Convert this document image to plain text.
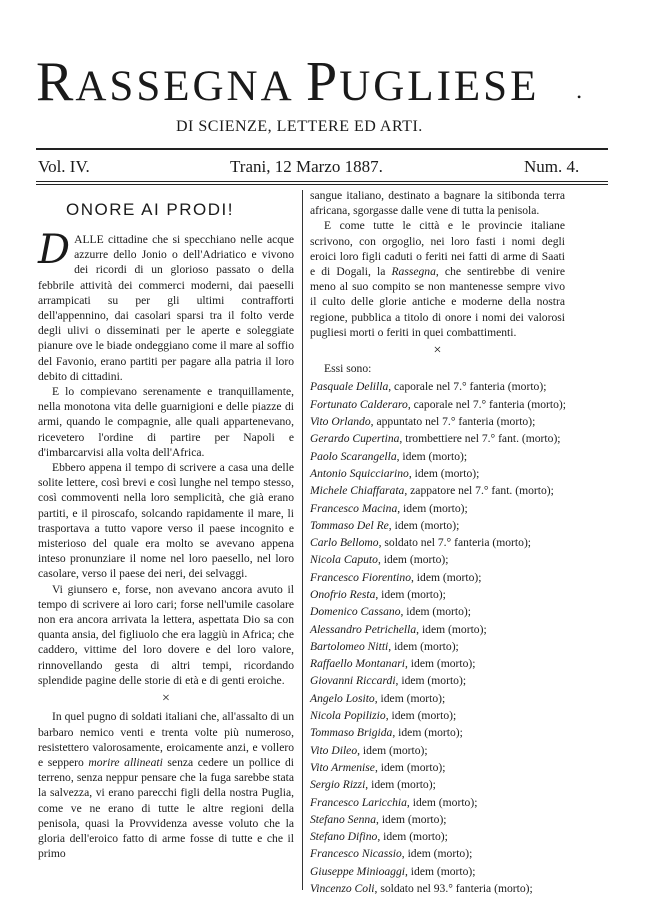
RASSEGNA PUGLIESE	•
DI SCIENZE, LETTERE ED ARTI.
Vol. IV.	Trani, 12 Marzo 1887.	Num. 4.
ONORE AI PRODI!

DALLE cittadine che si specchiano nelle acque azzurre dello Jonio o dell'Adriatico e vivono dei ricordi di un glorioso passato o della febbrile attività dei commerci moderni, dai paeselli arrampicati su per gli ultimi contrafforti dell'appennino, dai casolari sparsi tra il folto verde degli ulivi o disseminati per le aperte e soleggiate pianure ove le biade ondeggiano come il mare al soffio del Favonio, erano partiti per pagare alla patria il loro debito di cittadini.

E lo compievano serenamente e tranquillamente, nella monotona vita delle guarnigioni e delle piazze di armi, quando le compagnie, alle quali appartenevano, ricevetero l'ordine di partire per Napoli e d'imbarcarvisi alla volta dell'Africa.

Ebbero appena il tempo di scrivere a casa una delle solite lettere, così brevi e così lunghe nel tempo stesso, così commoventi nella loro semplicità, che già erano partiti, e il piroscafo, solcando rapidamente il mare, li trasportava a tutto vapore verso il paese incognito e misterioso del quale era molto se avevano appena inteso pronunziare il nome nel loro paesello, nel loro casolare, verso il paese dei neri, dei selvaggi.

Vi giunsero e, forse, non avevano ancora avuto il tempo di scrivere ai loro cari; forse nell'umile casolare non era ancora arrivata la lettera, aspettata Dio sa con quanta ansia, del figliuolo che era laggiù in Africa; che caddero, vittime del loro dovere e del loro valore, rinnovellando gesta di altri tempi, ricordando splendide pagine delle storie di età e di genti eroiche.

×

In quel pugno di soldati italiani che, all'assalto di un barbaro nemico venti e trenta volte più numeroso, resistettero valorosamente, eroicamente anzi, e vollero e seppero morire allineati senza cedere un pollice di terreno, senza neppur pensare che la fuga sarebbe stata la salvezza, vi erano parecchi figli della nostra Puglia, come ve ne erano di tutte le altre regioni della penisola, quasi la Provvidenza avesse voluto che la gloria dell'eroico fatto di arme fosse di tutte e che il primo

sangue italiano, destinato a bagnare la sitibonda terra africana, sgorgasse dalle vene di tutta la penisola.

E come tutte le città e le provincie italiane scrivono, con orgoglio, nei loro fasti i nomi degli eroici loro figli caduti o feriti nei fatti di arme di Saati e di Dogali, la Rassegna, che sentirebbe di venire meno al suo compito se non mantenesse sempre vivo il culto delle glorie antiche e moderne della nostra regione, pubblica a titolo di onore i nomi dei valorosi pugliesi morti o feriti in quei combattimenti.

×

Essi sono:

Pasquale Delilla, caporale nel 7.° fanteria (morto);
Fortunato Calderaro, caporale nel 7.° fanteria (morto);
Vito Orlando, appuntato nel 7.° fanteria (morto);
Gerardo Cupertina, trombettiere nel 7.° fant. (morto);
Paolo Scarangella, idem (morto);
Antonio Squicciarino, idem (morto);
Michele Chiaffarata, zappatore nel 7.° fant. (morto);
Francesco Macina, idem (morto);
Tommaso Del Re, idem (morto);
Carlo Bellomo, soldato nel 7.° fanteria (morto);
Nicola Caputo, idem (morto);
Francesco Fiorentino, idem (morto);
Onofrio Resta, idem (morto);
Domenico Cassano, idem (morto);
Alessandro Petrichella, idem (morto);
Bartolomeo Nitti, idem (morto);
Raffaello Montanari, idem (morto);
Giovanni Riccardi, idem (morto);
Angelo Losito, idem (morto);
Nicola Popilizio, idem (morto);
Tommaso Brigida, idem (morto);
Vito Dileo, idem (morto);
Vito Armenise, idem (morto);
Sergio Rizzi, idem (morto);
Francesco Laricchia, idem (morto);
Stefano Senna, idem (morto);
Stefano Difino, idem (morto);
Francesco Nicassio, idem (morto);
Giuseppe Minioaggi, idem (morto);
Vincenzo Coli, soldato nel 93.° fanteria (morto);
